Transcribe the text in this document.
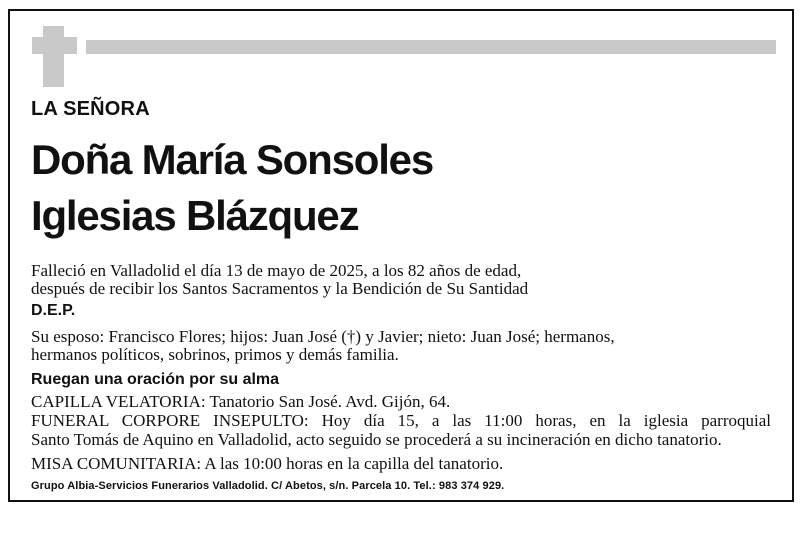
LA SEÑORA
Doña María Sonsoles
Iglesias Blázquez
Falleció en Valladolid el día 13 de mayo de 2025, a los 82 años de edad,
después de recibir los Santos Sacramentos y la Bendición de Su Santidad
D.E.P.
Su esposo: Francisco Flores; hijos: Juan José (†) y Javier; nieto: Juan José; hermanos,
hermanos políticos, sobrinos, primos y demás familia.
Ruegan una oración por su alma
CAPILLA VELATORIA: Tanatorio San José. Avd. Gijón, 64.
FUNERAL CORPORE INSEPULTO: Hoy día 15, a las 11:00 horas, en la iglesia parroquial
Santo Tomás de Aquino en Valladolid, acto seguido se procederá a su incineración en dicho tanatorio.
MISA COMUNITARIA: A las 10:00 horas en la capilla del tanatorio.
Grupo Albia-Servicios Funerarios Valladolid. C/ Abetos, s/n. Parcela 10. Tel.: 983 374 929.
